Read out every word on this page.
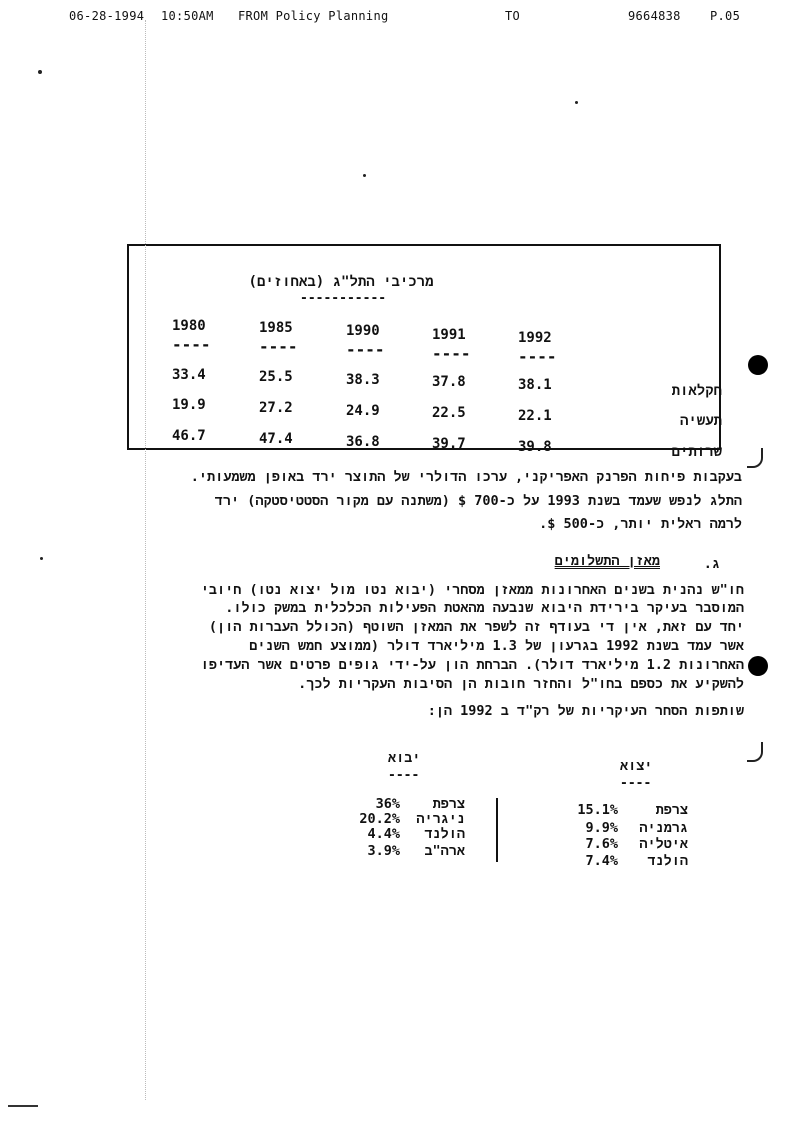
06-28-1994 10:50AM FROM Policy Planning	TO	9664838 P.05
מרכיבי התל"ג (באחוזים)
-----------
1980	1985	1990	1991	1992
----	----	----	----	----
33.4	25.5	38.3	37.8	38.1	חקלאות
19.9	27.2	24.9	22.5	22.1	תעשיה
46.7	47.4	36.8	39.7	39.8	שרותים
בעקבות פיחות הפרנק האפריקני, ערכו הדולרי של התוצר ירד באופן משמעותי.
התלג לנפש שעמד בשנת 1993 על כ-700 $ (משתנה עם מקור הסטטיסטקה) ירד
לרמה ראלית יותר, כ-500 $.
ג.
מאזן התשלומים
חו"ש נהנית בשנים האחרונות ממאזן מסחרי (יבוא נטו מול יצוא נטו) חיובי
המוסבר בעיקר בירידת היבוא שנבעה מהאטת הפעילות הכלכלית במשק כולו.
יחד עם זאת, אין די בעודף זה לשפר את המאזן השוטף (הכולל העברות הון)
אשר עמד בשנת 1992 בגרעון של 1.3 מיליארד דולר (ממוצע חמש השנים
האחרונות 1.2 מיליארד דולר). הברחת הון על-ידי גופים פרטים אשר העדיפו
להשקיע את כספם בחו"ל והחזר חובות הן הסיבות העקריות לכך.
שותפות הסחר העיקריות של רק"ד ב 1992 הן:
יבוא
----
יצוא
----
36%	צרפת
20.2%	ניגריה
4.4%	הולנד
3.9%	ארה"ב
15.1%	צרפת
9.9%	גרמניה
7.6%	איטליה
7.4%	הולנד
